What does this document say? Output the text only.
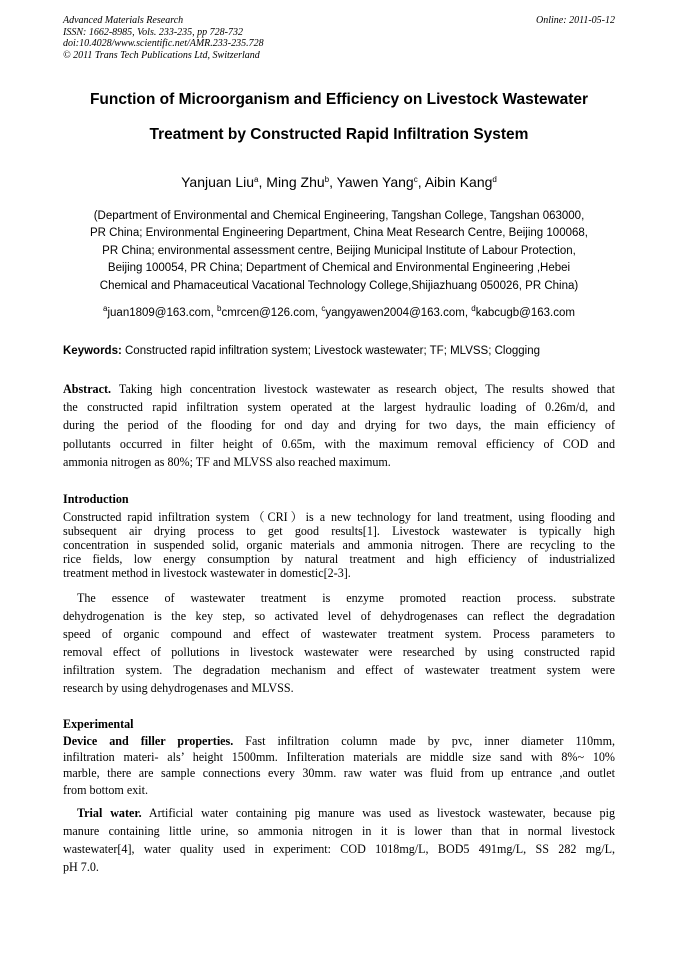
Advanced Materials Research
ISSN: 1662-8985, Vols. 233-235, pp 728-732
doi:10.4028/www.scientific.net/AMR.233-235.728
© 2011 Trans Tech Publications Ltd, Switzerland
Online: 2011-05-12
Function of Microorganism and Efficiency on Livestock Wastewater
Treatment by Constructed Rapid Infiltration System
Yanjuan Liu$^a$, Ming Zhu$^b$, Yawen Yang$^c$, Aibin Kang$^d$
(Department of Environmental and Chemical Engineering, Tangshan College, Tangshan 063000,
PR China; Environmental Engineering Department, China Meat Research Centre, Beijing 100068,
PR China; environmental assessment centre, Beijing Municipal Institute of Labour Protection,
Beijing 100054, PR China; Department of Chemical and Environmental Engineering ,Hebei
Chemical and Phamaceutical Vacational Technology College,Shijiazhuang 050026, PR China)
$^a$juan1809@163.com, $^b$cmrcen@126.com, $^c$yangyawen2004@163.com, $^d$kabcugb@163.com
Keywords: Constructed rapid infiltration system; Livestock wastewater; TF; MLVSS; Clogging
Abstract. Taking high concentration livestock wastewater as research object, The results showed that
the constructed rapid infiltration system operated at the largest hydraulic loading of 0.26m/d, and
during the period of the flooding for ond day and drying for two days, the main efficiency of
pollutants occurred in filter height of 0.65m, with the maximum removal efficiency of COD and
ammonia nitrogen as 80%; TF and MLVSS also reached maximum.
Introduction
Constructed rapid infiltration system（CRI）is a new technology for land treatment, using flooding and
subsequent air drying process to get good results[1]. Livestock wastewater is typically high
concentration in suspended solid, organic materials and ammonia nitrogen. There are recycling to the
rice fields, low energy consumption by natural treatment and high efficiency of industrialized
treatment method in livestock wastewater in domestic[2-3].
The essence of wastewater treatment is enzyme promoted reaction process. substrate
dehydrogenation is the key step, so activated level of dehydrogenases can reflect the degradation
speed of organic compound and effect of wastewater treatment system. Process parameters to
removal effect of pollutions in livestock wastewater were researched by using constructed rapid
infiltration system. The degradation mechanism and effect of wastewater treatment system were
research by using dehydrogenases and MLVSS.
Experimental
Device and filler properties. Fast infiltration column made by pvc, inner diameter 110mm,
infiltration materi- als’ height 1500mm. Infilteration materials are middle size sand with 8%~ 10%
marble, there are sample connections every 30mm. raw water was fluid from up entrance ,and outlet
from bottom exit.
Trial water. Artificial water containing pig manure was used as livestock wastewater, because pig
manure containing little urine, so ammonia nitrogen in it is lower than that in normal livestock
wastewater[4], water quality used in experiment: COD 1018mg/L, BOD5 491mg/L, SS 282 mg/L,
pH 7.0.
